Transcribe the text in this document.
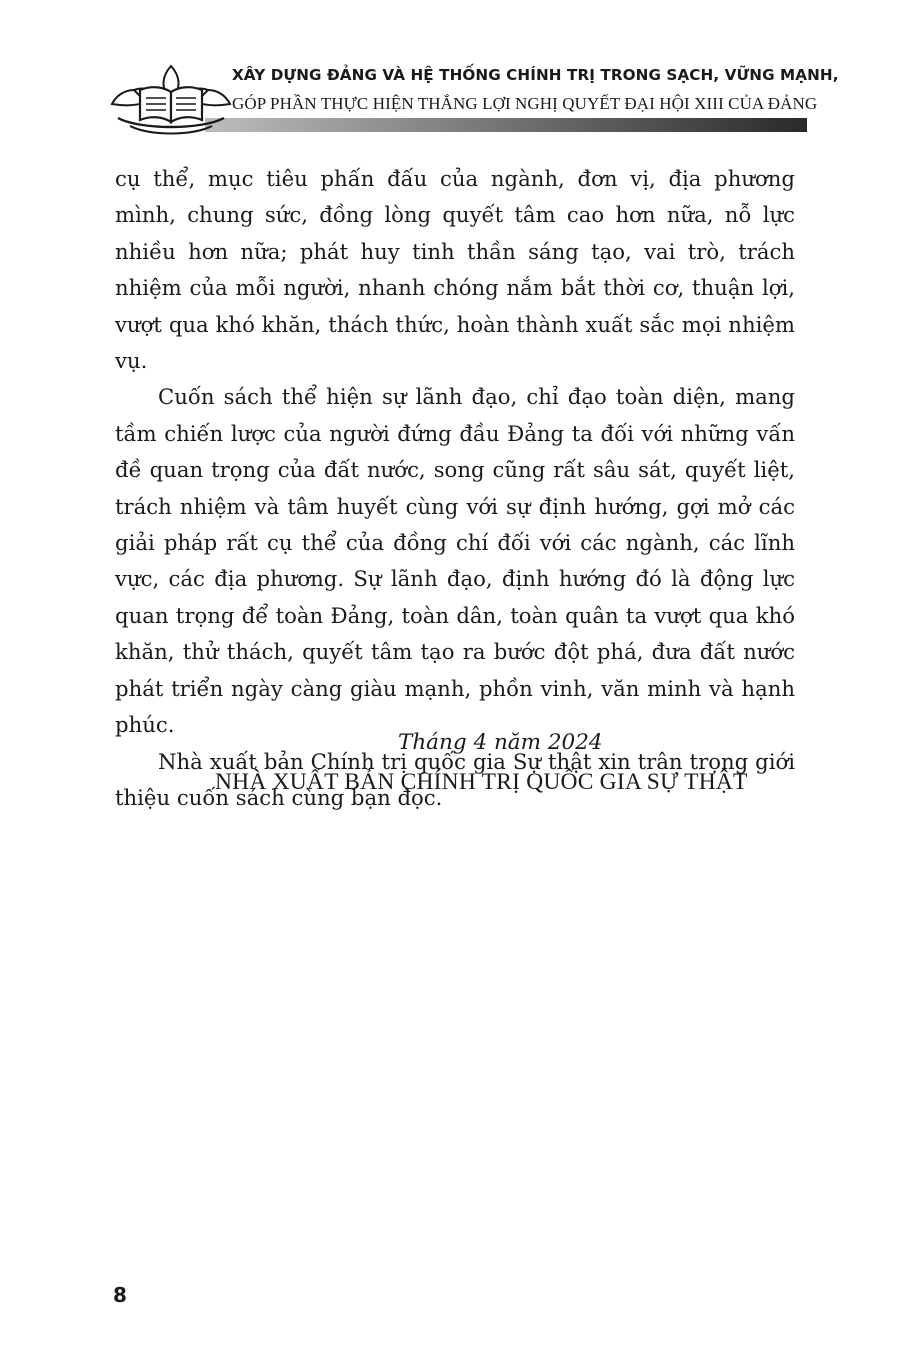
XÂY DỰNG ĐẢNG VÀ HỆ THỐNG CHÍNH TRỊ TRONG SẠCH, VỮNG MẠNH,
GÓP PHẦN THỰC HIỆN THẮNG LỢI NGHỊ QUYẾT ĐẠI HỘI XIII CỦA ĐẢNG

cụ thể, mục tiêu phấn đấu của ngành, đơn vị, địa phương mình, chung sức, đồng lòng quyết tâm cao hơn nữa, nỗ lực nhiều hơn nữa; phát huy tinh thần sáng tạo, vai trò, trách nhiệm của mỗi người, nhanh chóng nắm bắt thời cơ, thuận lợi, vượt qua khó khăn, thách thức, hoàn thành xuất sắc mọi nhiệm vụ.

Cuốn sách thể hiện sự lãnh đạo, chỉ đạo toàn diện, mang tầm chiến lược của người đứng đầu Đảng ta đối với những vấn đề quan trọng của đất nước, song cũng rất sâu sát, quyết liệt, trách nhiệm và tâm huyết cùng với sự định hướng, gợi mở các giải pháp rất cụ thể của đồng chí đối với các ngành, các lĩnh vực, các địa phương. Sự lãnh đạo, định hướng đó là động lực quan trọng để toàn Đảng, toàn dân, toàn quân ta vượt qua khó khăn, thử thách, quyết tâm tạo ra bước đột phá, đưa đất nước phát triển ngày càng giàu mạnh, phồn vinh, văn minh và hạnh phúc.

Nhà xuất bản Chính trị quốc gia Sự thật xin trân trọng giới thiệu cuốn sách cùng bạn đọc.

Tháng 4 năm 2024
NHÀ XUẤT BẢN CHÍNH TRỊ QUỐC GIA SỰ THẬT
8
